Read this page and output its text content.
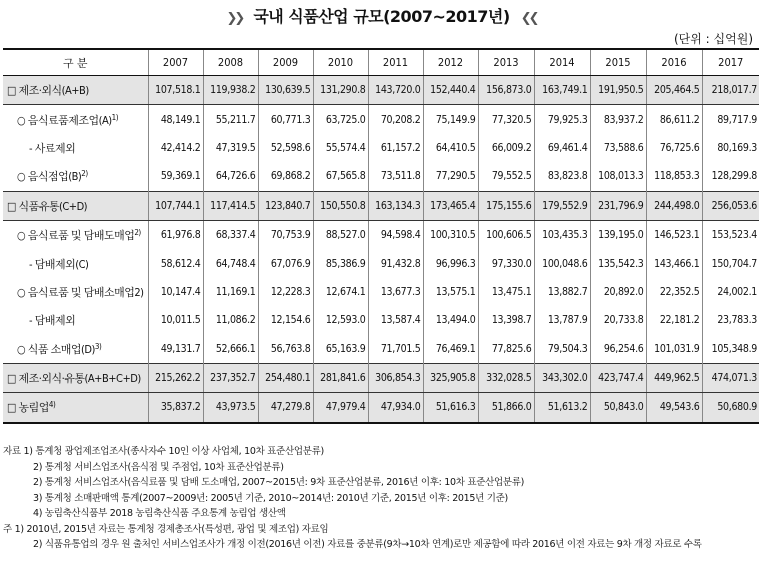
❯❯ 국내 식품산업 규모(2007~2017년) ❮❮
(단위 : 십억원)
구 분	2007	2008	2009	2010	2011	2012	2013	2014	2015	2016	2017
□ 제조·외식(A+B)	107,518.1	119,938.2	130,639.5	131,290.8	143,720.0	152,440.4	156,873.0	163,749.1	191,950.5	205,464.5	218,017.7
○ 음식료품제조업$(A)^{1)}$	48,149.1	55,211.7	60,771.3	63,725.0	70,208.2	75,149.9	77,320.5	79,925.3	83,937.2	86,611.2	89,717.9
- 사료제외	42,414.2	47,319.5	52,598.6	55,574.4	61,157.2	64,410.5	66,009.2	69,461.4	73,588.6	76,725.6	80,169.3
○ 음식점업$(B)^{2)}$	59,369.1	64,726.6	69,868.2	67,565.8	73,511.8	77,290.5	79,552.5	83,823.8	108,013.3	118,853.3	128,299.8
□ 식품유통(C+D)	107,744.1	117,414.5	123,840.7	150,550.8	163,134.3	173,465.4	175,155.6	179,552.9	231,796.9	244,498.0	256,053.6
○ 음식료품 및 담배도매업$^{2)}$	61,976.8	68,337.4	70,753.9	88,527.0	94,598.4	100,310.5	100,606.5	103,435.3	139,195.0	146,523.1	153,523.4
- 담배제외(C)	58,612.4	64,748.4	67,076.9	85,386.9	91,432.8	96,996.3	97,330.0	100,048.6	135,542.3	143,466.1	150,704.7
○ 음식료품 및 담배소매업2)	10,147.4	11,169.1	12,228.3	12,674.1	13,677.3	13,575.1	13,475.1	13,882.7	20,892.0	22,352.5	24,002.1
- 담배제외	10,011.5	11,086.2	12,154.6	12,593.0	13,587.4	13,494.0	13,398.7	13,787.9	20,733.8	22,181.2	23,783.3
○ 식품 소매업$(D)^{3)}$	49,131.7	52,666.1	56,763.8	65,163.9	71,701.5	76,469.1	77,825.6	79,504.3	96,254.6	101,031.9	105,348.9
□ 제조·외식·유통(A+B+C+D)	215,262.2	237,352.7	254,480.1	281,841.6	306,854.3	325,905.8	332,028.5	343,302.0	423,747.4	449,962.5	474,071.3
□ 농림업$^{4)}$	35,837.2	43,973.5	47,279.8	47,979.4	47,934.0	51,616.3	51,866.0	51,613.2	50,843.0	49,543.6	50,680.9
자료 1) 통계청 광업제조업조사(종사자수 10인 이상 사업체, 10차 표준산업분류)
2) 통계청 서비스업조사(음식점 및 주점업, 10차 표준산업분류)
2) 통계청 서비스업조사(음식료품 및 담배 도소매업, 2007~2015년: 9차 표준산업분류, 2016년 이후: 10차 표준산업분류)
3) 통계청 소매판매액 통계(2007~2009년: 2005년 기준, 2010~2014년: 2010년 기준, 2015년 이후: 2015년 기준)
4) 농림축산식품부 2018 농림축산식품 주요통계 농림업 생산액
주 1) 2010년, 2015년 자료는 통계청 경제총조사(특성편, 광업 및 제조업) 자료임
2) 식품유통업의 경우 원 출처인 서비스업조사가 개정 이전(2016년 이전) 자료를 중분류(9차→10차 연계)로만 제공함에 따라 2016년 이전 자료는 9차 개정 자료로 수록
